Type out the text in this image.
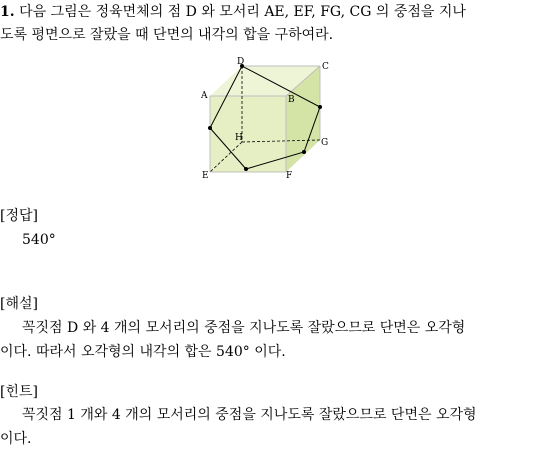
1. 다음 그림은 정육면체의 점 D 와 모서리 AE, EF, FG, CG 의 중점을 지나
도록 평면으로 잘랐을 때 단면의 내각의 합을 구하여라.
A
D	C
B
H	G
E	F
[정답]
540°
[해설]
꼭짓점 D 와 4 개의 모서리의 중점을 지나도록 잘랐으므로 단면은 오각형
이다. 따라서 오각형의 내각의 합은 540° 이다.
[힌트]
꼭짓점 1 개와 4 개의 모서리의 중점을 지나도록 잘랐으므로 단면은 오각형
이다.
